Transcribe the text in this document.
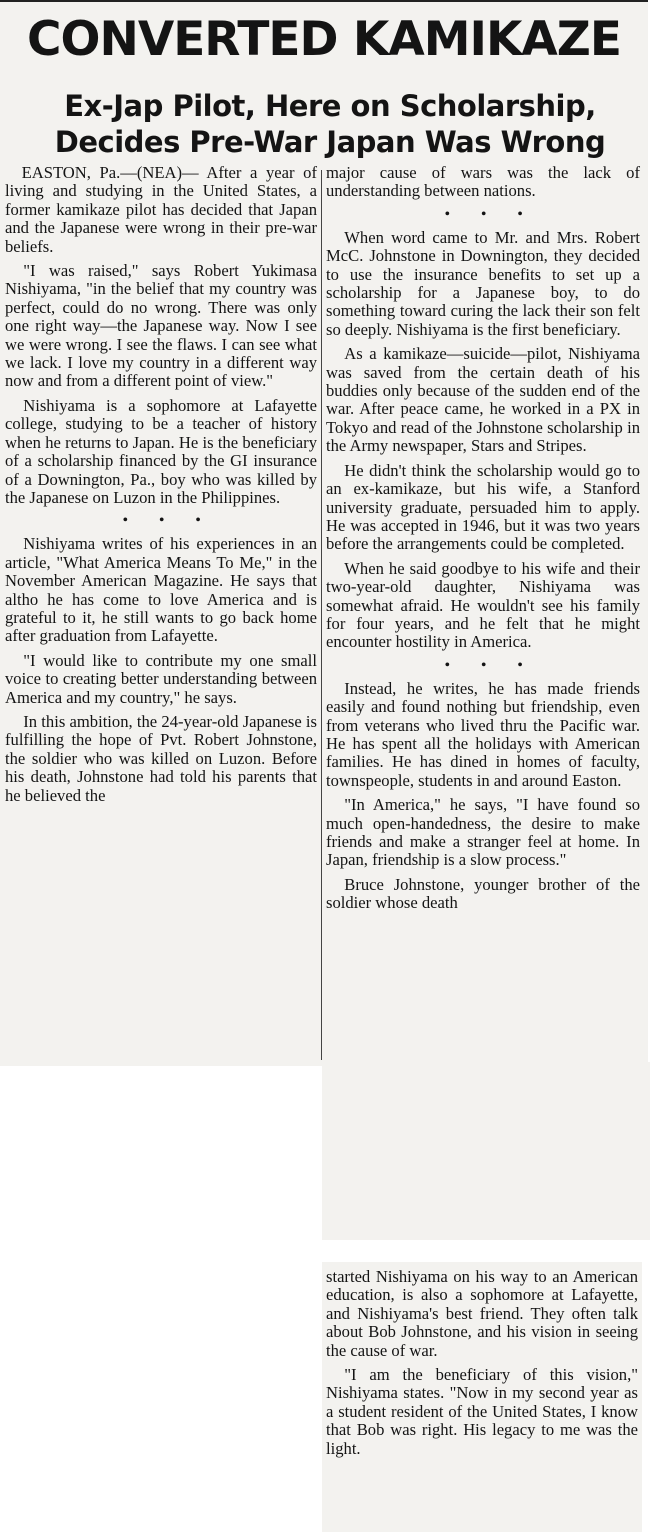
CONVERTED KAMIKAZE
Ex-Jap Pilot, Here on Scholarship, Decides Pre-War Japan Was Wrong

EASTON, Pa.—(NEA)— After a year of living and studying in the United States, a former kamikaze pilot has decided that Japan and the Japanese were wrong in their pre-war beliefs.

"I was raised," says Robert Yukimasa Nishiyama, "in the belief that my country was perfect, could do no wrong. There was only one right way—the Japanese way. Now I see we were wrong. I see the flaws. I can see what we lack. I love my country in a different way now and from a different point of view."

Nishiyama is a sophomore at Lafayette college, studying to be a teacher of history when he returns to Japan. He is the beneficiary of a scholarship financed by the GI insurance of a Downington, Pa., boy who was killed by the Japanese on Luzon in the Philippines.

• • •

Nishiyama writes of his experiences in an article, "What America Means To Me," in the November American Magazine. He says that altho he has come to love America and is grateful to it, he still wants to go back home after graduation from Lafayette.

"I would like to contribute my one small voice to creating better understanding between America and my country," he says.

In this ambition, the 24-year-old Japanese is fulfilling the hope of Pvt. Robert Johnstone, the soldier who was killed on Luzon. Before his death, Johnstone had told his parents that he believed the

major cause of wars was the lack of understanding between nations.

• • •

When word came to Mr. and Mrs. Robert McC. Johnstone in Downington, they decided to use the insurance benefits to set up a scholarship for a Japanese boy, to do something toward curing the lack their son felt so deeply. Nishiyama is the first beneficiary.

As a kamikaze—suicide—pilot, Nishiyama was saved from the certain death of his buddies only because of the sudden end of the war. After peace came, he worked in a PX in Tokyo and read of the Johnstone scholarship in the Army newspaper, Stars and Stripes.

He didn't think the scholarship would go to an ex-kamikaze, but his wife, a Stanford university graduate, persuaded him to apply. He was accepted in 1946, but it was two years before the arrangements could be completed.

When he said goodbye to his wife and their two-year-old daughter, Nishiyama was somewhat afraid. He wouldn't see his family for four years, and he felt that he might encounter hostility in America.

• • •

Instead, he writes, he has made friends easily and found nothing but friendship, even from veterans who lived thru the Pacific war. He has spent all the holidays with American families. He has dined in homes of faculty, townspeople, students in and around Easton.

"In America," he says, "I have found so much open-handedness, the desire to make friends and make a stranger feel at home. In Japan, friendship is a slow process."

Bruce Johnstone, younger brother of the soldier whose death

started Nishiyama on his way to an American education, is also a sophomore at Lafayette, and Nishiyama's best friend. They often talk about Bob Johnstone, and his vision in seeing the cause of war.

"I am the beneficiary of this vision," Nishiyama states. "Now in my second year as a student resident of the United States, I know that Bob was right. His legacy to me was the light.
